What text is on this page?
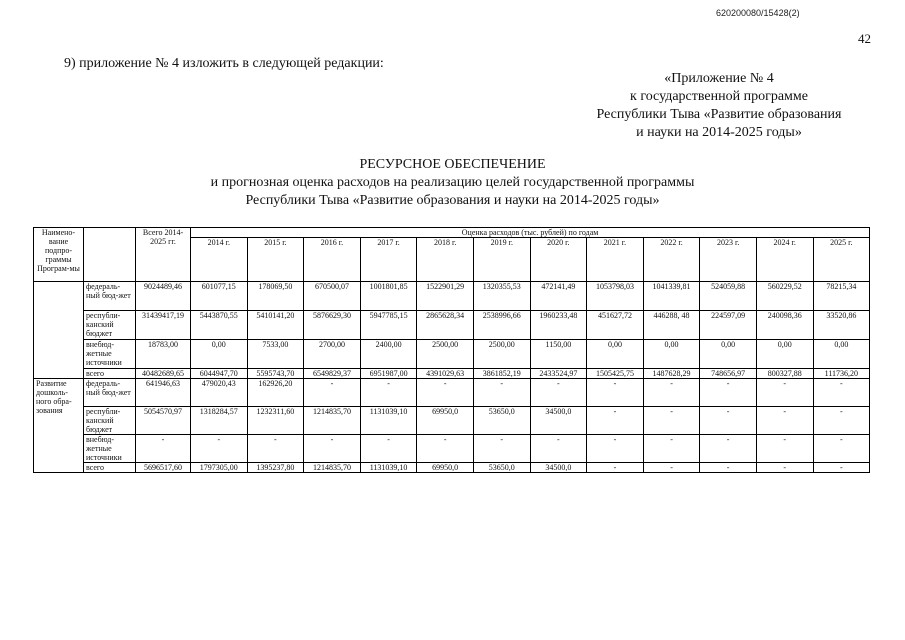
620200080/15428(2)
42
9) приложение № 4 изложить в следующей редакции:
«Приложение № 4
к государственной программе
Республики Тыва «Развитие образования
и науки на 2014-2025 годы»
РЕСУРСНОЕ ОБЕСПЕЧЕНИЕ
и прогнозная оценка расходов на реализацию целей государственной программы
Республики Тыва «Развитие образования и науки на 2014-2025 годы»
Наимено-вание подпро-граммы Програм-мы		Всего 2014-2025 гг.	Оценка расходов (тыс. рублей) по годам											
			2014 г.	2015 г.	2016 г.	2017 г.	2018 г.	2019 г.	2020 г.	2021 г.	2022 г.	2023 г.	2024 г.	2025 г.
	федераль-ный бюд-жет	9024489,46	601077,15	178069,50	670500,07	1001801,85	1522901,29	1320355,53	472141,49	1053798,03	1041339,81	524059,88	560229,52	78215,34
	республи-канский бюджет	31439417,19	5443870,55	5410141,20	5876629,30	5947785,15	2865628,34	2538996,66	1960233,48	451627,72	446288, 48	224597,09	240098,36	33520,86
	внебюд-жетные источники	18783,00	0,00	7533,00	2700,00	2400,00	2500,00	2500,00	1150,00	0,00	0,00	0,00	0,00	0,00
	всего	40482689,65	6044947,70	5595743,70	6549829,37	6951987,00	4391029,63	3861852,19	2433524,97	1505425,75	1487628,29	748656,97	800327,88	111736,20
Развитие дошколь-ного обра-зования	федераль-ный бюд-жет	641946,63	479020,43	162926,20	-	-	-	-	-	-	-	-	-	-
	республи-канский бюджет	5054570,97	1318284,57	1232311,60	1214835,70	1131039,10	69950,0	53650,0	34500,0	-	-	-	-	-
	внебюд-жетные источники	-	-	-	-	-	-	-	-	-	-	-	-	-
	всего	5696517,60	1797305,00	1395237,80	1214835,70	1131039,10	69950,0	53650,0	34500,0	-	-	-	-	-
